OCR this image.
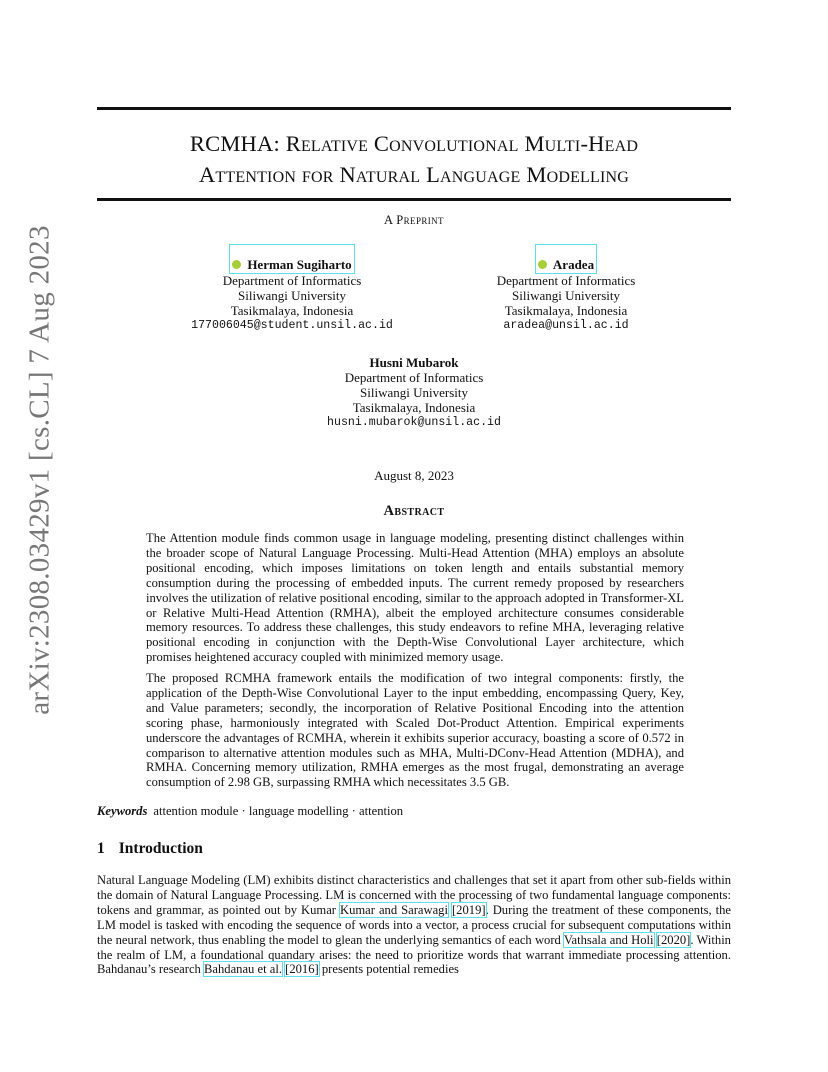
arXiv:2308.03429v1 [cs.CL] 7 Aug 2023
RCMHA: Relative Convolutional Multi-Head
Attention for Natural Language Modelling
A Preprint
Herman Sugiharto
Department of Informatics
Siliwangi University
Tasikmalaya, Indonesia
177006045@student.unsil.ac.id
Aradea
Department of Informatics
Siliwangi University
Tasikmalaya, Indonesia
aradea@unsil.ac.id
Husni Mubarok
Department of Informatics
Siliwangi University
Tasikmalaya, Indonesia
husni.mubarok@unsil.ac.id
August 8, 2023
Abstract

The Attention module finds common usage in language modeling, presenting distinct challenges within the broader scope of Natural Language Processing. Multi-Head Attention (MHA) employs an absolute positional encoding, which imposes limitations on token length and entails substantial memory consumption during the processing of embedded inputs. The current remedy proposed by researchers involves the utilization of relative positional encoding, similar to the approach adopted in Transformer-XL or Relative Multi-Head Attention (RMHA), albeit the employed architecture consumes considerable memory resources. To address these challenges, this study endeavors to refine MHA, leveraging relative positional encoding in conjunction with the Depth-Wise Convolutional Layer architecture, which promises heightened accuracy coupled with minimized memory usage.

The proposed RCMHA framework entails the modification of two integral components: firstly, the application of the Depth-Wise Convolutional Layer to the input embedding, encompassing Query, Key, and Value parameters; secondly, the incorporation of Relative Positional Encoding into the attention scoring phase, harmoniously integrated with Scaled Dot-Product Attention. Empirical experiments underscore the advantages of RCMHA, wherein it exhibits superior accuracy, boasting a score of 0.572 in comparison to alternative attention modules such as MHA, Multi-DConv-Head Attention (MDHA), and RMHA. Concerning memory utilization, RMHA emerges as the most frugal, demonstrating an average consumption of 2.98 GB, surpassing RMHA which necessitates 3.5 GB.

Keywords attention module · language modelling · attention
1 Introduction

Natural Language Modeling (LM) exhibits distinct characteristics and challenges that set it apart from other sub-fields within the domain of Natural Language Processing. LM is concerned with the processing of two fundamental language components: tokens and grammar, as pointed out by Kumar Kumar and Sarawagi [2019]. During the treatment of these components, the LM model is tasked with encoding the sequence of words into a vector, a process crucial for subsequent computations within the neural network, thus enabling the model to glean the underlying semantics of each word Vathsala and Holi [2020]. Within the realm of LM, a foundational quandary arises: the need to prioritize words that warrant immediate processing attention. Bahdanau’s research Bahdanau et al. [2016] presents potential remedies
